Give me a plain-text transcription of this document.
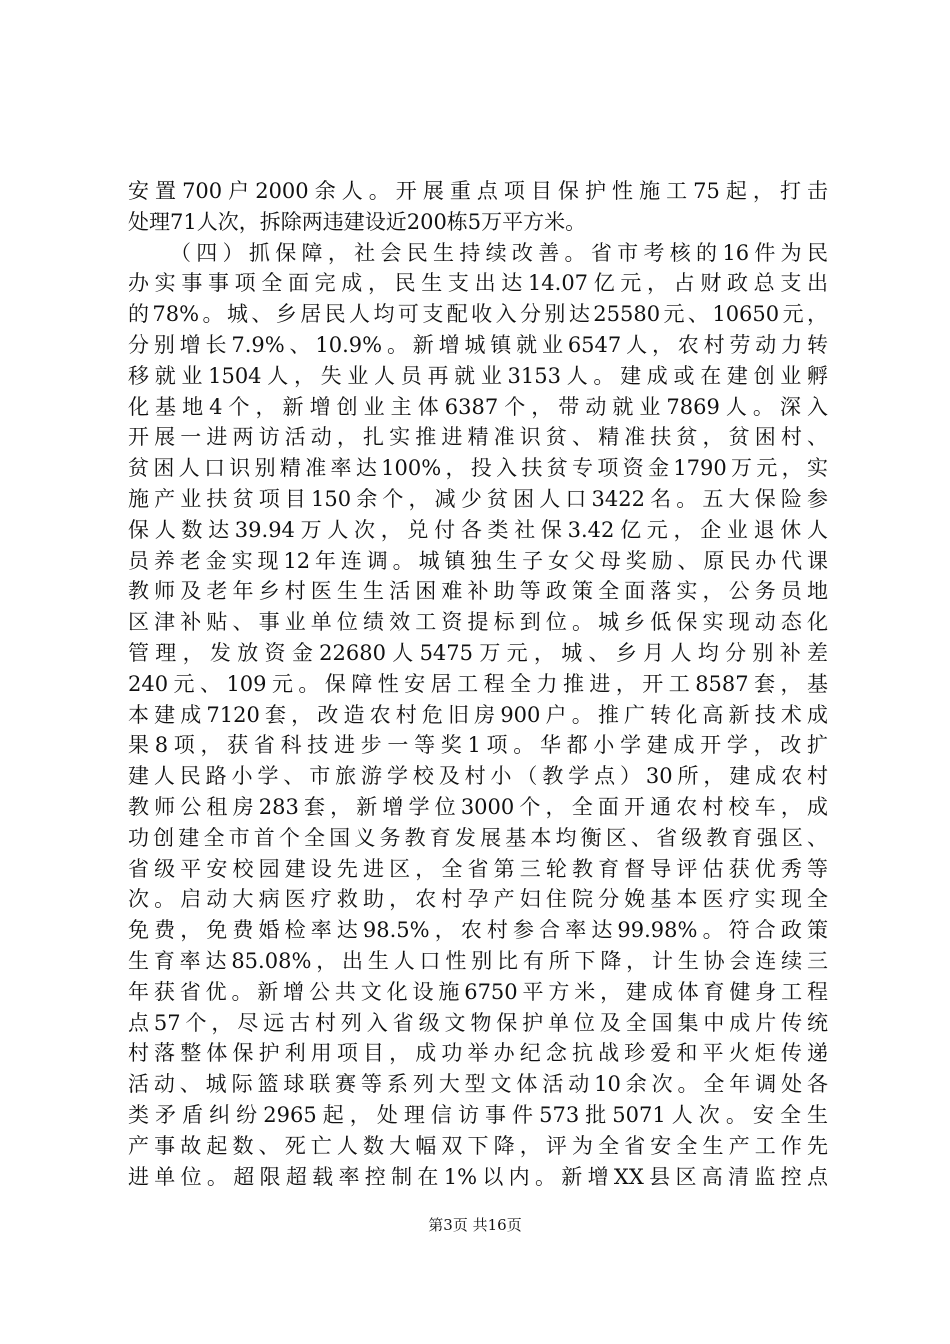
安置700户2000余人。开展重点项目保护性施工75起，打击
处理71人次，拆除两违建设近200栋5万平方米。
（四）抓保障，社会民生持续改善。省市考核的16件为民
办实事事项全面完成，民生支出达14.07亿元，占财政总支出
的78%。城、乡居民人均可支配收入分别达25580元、10650元，
分别增长7.9%、10.9%。新增城镇就业6547人，农村劳动力转
移就业1504人，失业人员再就业3153人。建成或在建创业孵
化基地4个，新增创业主体6387个，带动就业7869人。深入
开展一进两访活动，扎实推进精准识贫、精准扶贫，贫困村、
贫困人口识别精准率达100%，投入扶贫专项资金1790万元，实
施产业扶贫项目150余个，减少贫困人口3422名。五大保险参
保人数达39.94万人次，兑付各类社保3.42亿元，企业退休人
员养老金实现12年连调。城镇独生子女父母奖励、原民办代课
教师及老年乡村医生生活困难补助等政策全面落实，公务员地
区津补贴、事业单位绩效工资提标到位。城乡低保实现动态化
管理，发放资金22680人5475万元，城、乡月人均分别补差
240元、109元。保障性安居工程全力推进，开工8587套，基
本建成7120套，改造农村危旧房900户。推广转化高新技术成
果8项，获省科技进步一等奖1项。华都小学建成开学，改扩
建人民路小学、市旅游学校及村小（教学点）30所，建成农村
教师公租房283套，新增学位3000个，全面开通农村校车，成
功创建全市首个全国义务教育发展基本均衡区、省级教育强区、
省级平安校园建设先进区，全省第三轮教育督导评估获优秀等
次。启动大病医疗救助，农村孕产妇住院分娩基本医疗实现全
免费，免费婚检率达98.5%，农村参合率达99.98%。符合政策
生育率达85.08%，出生人口性别比有所下降，计生协会连续三
年获省优。新增公共文化设施6750平方米，建成体育健身工程
点57个，尽远古村列入省级文物保护单位及全国集中成片传统
村落整体保护利用项目，成功举办纪念抗战珍爱和平火炬传递
活动、城际篮球联赛等系列大型文体活动10余次。全年调处各
类矛盾纠纷2965起，处理信访事件573批5071人次。安全生
产事故起数、死亡人数大幅双下降，评为全省安全生产工作先
进单位。超限超载率控制在1%以内。新增XX县区高清监控点
第3页 共16页
